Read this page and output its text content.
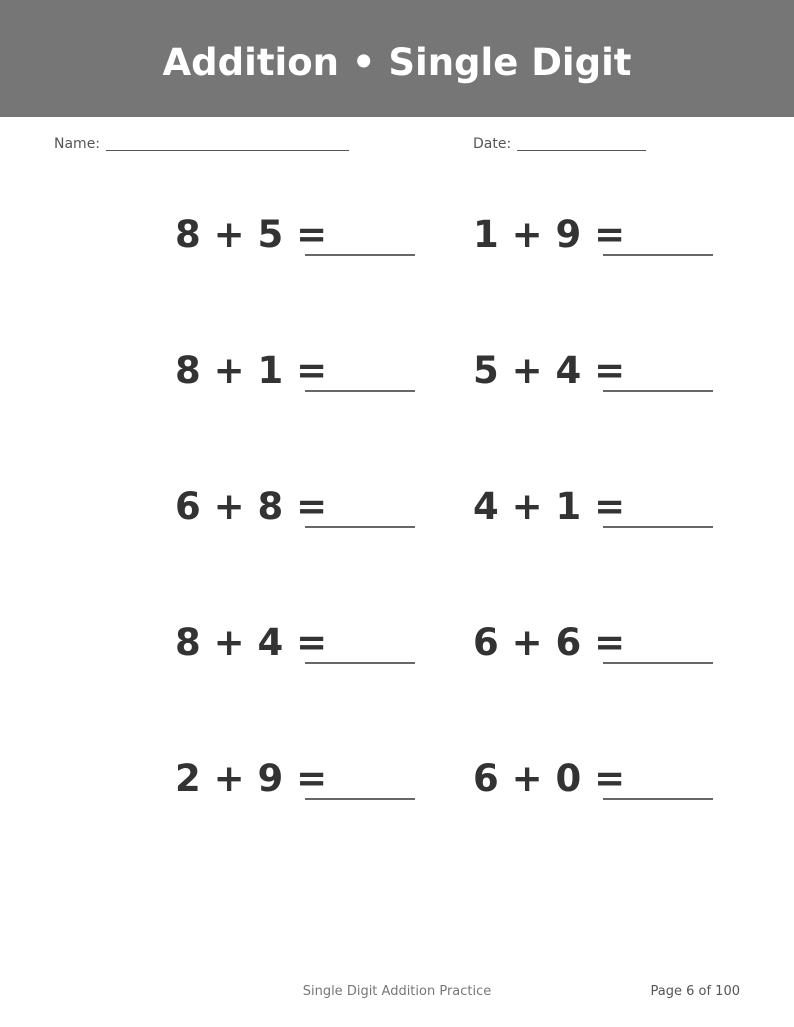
Addition • Single Digit
Name:	Date:
8 + 5 =	1 + 9 =
8 + 1 =	5 + 4 =
6 + 8 =	4 + 1 =
8 + 4 =	6 + 6 =
2 + 9 =	6 + 0 =
Single Digit Addition Practice	Page 6 of 100
